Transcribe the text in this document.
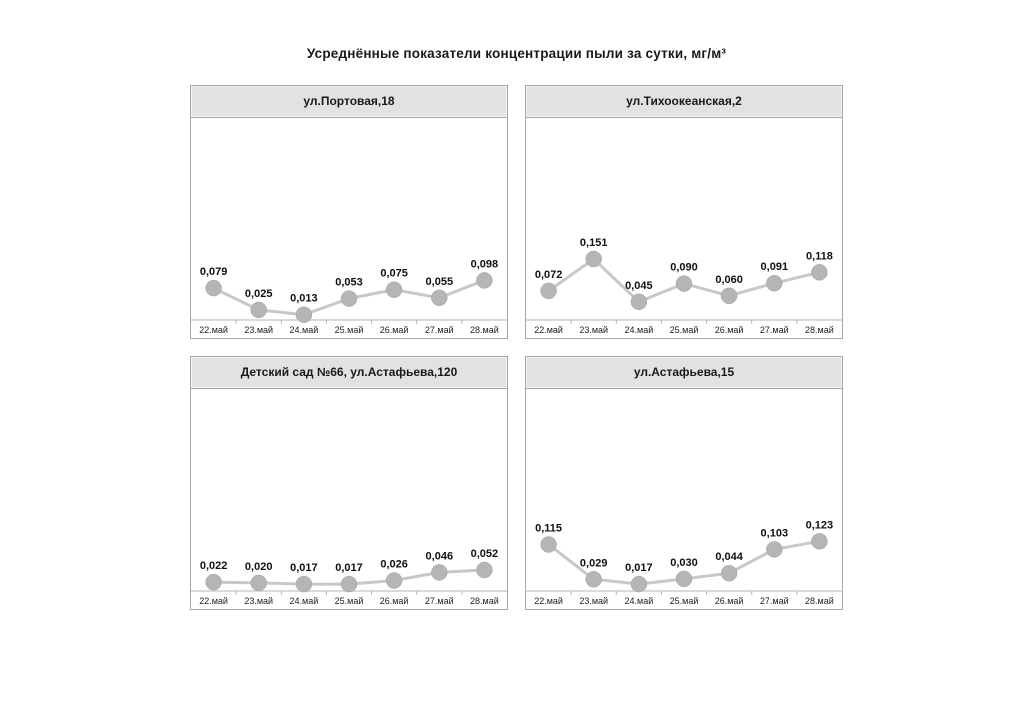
Усреднённые показатели концентрации пыли за сутки, мг/м³
ул.Портовая,18
0,079
0,025 0,013
0,053
0,075
0,055
0,098
22.май 23.май 24.май 25.май 26.май 27.май 28.май
ул.Тихоокеанская,2
0,072
0,151
0,045
0,090
0,060
0,091
0,118
22.май 23.май 24.май 25.май 26.май 27.май 28.май
Детский сад №66, ул.Астафьева,120
0,022 0,020 0,017 0,017 0,026
0,046 0,052
22.май 23.май 24.май 25.май 26.май 27.май 28.май
ул.Астафьева,15
0,115
0,029 0,017 0,030 0,044
0,103
0,123
22.май 23.май 24.май 25.май 26.май 27.май 28.май
